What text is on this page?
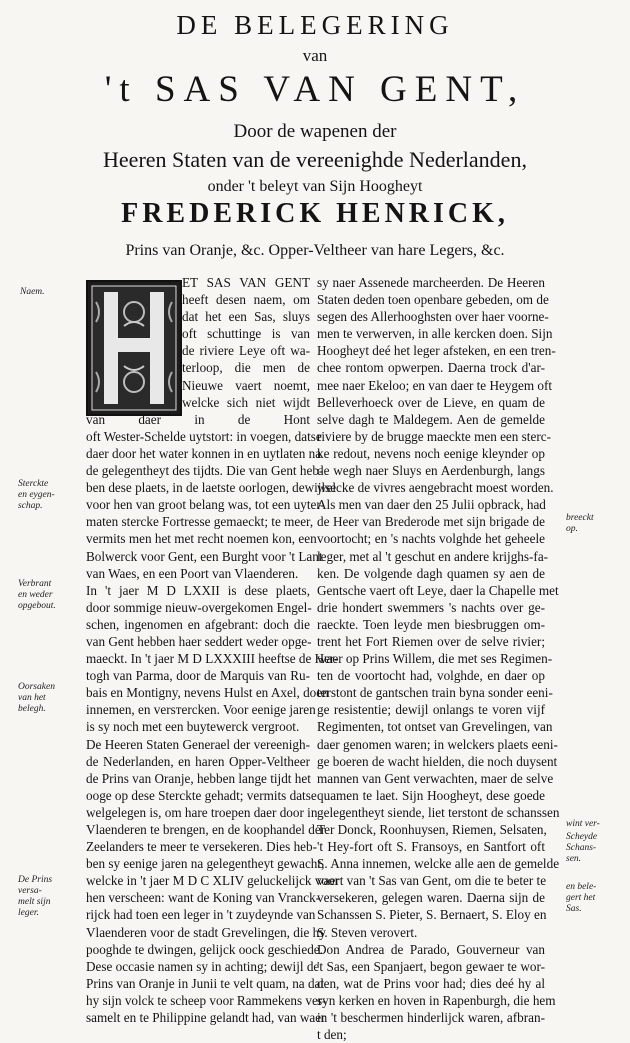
DE BELEGERING
van
't SAS VAN GENT,
Door de wapenen der
Heeren Staten van de vereenighde Nederlanden,
onder 't beleyt van Sijn Hoogheyt
FREDERICK HENRICK,
Prins van Oranje, &c. Opper-Veltheer van hare Legers, &c.
ET SAS VAN GENT
heeft desen naem, om
dat het een Sas, sluys
oft schuttinge is van
de riviere Leye oft wa-
terloop, die men de
Nieuwe vaert noemt,
welcke sich niet wijdt
van daer in de Hont
oft Wester-Schelde uytstort: in voegen, datse
daer door het water konnen in en uytlaten na
de gelegentheyt des tijdts. Die van Gent heb-
ben dese plaets, in de laetste oorlogen, dewijlse
voor hen van groot belang was, tot een uyter-
maten sterckе Fortresse gemaeckt; te meer,
vermits men het met recht noemen kon, een
Bolwerck voor Gent, een Burght voor 't Lant
van Waes, en een Poort van Vlaenderen.
In 't jaer M D LXXII is dese plaets,
door sommige nieuw-overgekomen Engel-
schen, ingenomen en afgebrant: doch die
van Gent hebben haer seddert weder opge-
maeckt. In 't jaer M D LXXXIII heeftse de Her-
togh van Parma, door de Marquis van Ru-
bais en Montigny, nevens Hulst en Axel, doen
innemen, en versтercken. Voor eenige jaren
is sy noch met een buytewerck vergroot.
De Heeren Staten Generael der vereenigh-
de Nederlanden, en haren Opper-Veltheer
de Prins van Oranje, hebben langе tijdt het
ooge op dese Stercktе gehadt; vermits datse
welgelegen is, om hare troepen daer door in
Vlaenderen te brengen, en de koophandel der
Zeelanders te meer te versekeren. Dies heb-
ben sy eenige jaren na gelegentheyt gewacht,
welcke in 't jaer M D C XLIV geluckelijck voor
hen verscheen: want de Koning van Vranck-
rijck had toen een leger in 't zuydeynde van
Vlaenderen voor de stadt Grevelingen, die hy
pooghde te dwingen, gelijck oock geschiede.
Dese occasie namen sy in achting; dewijl de
Prins van Oranje in Junii te velt quam, na dat
hy sijn volck te scheep voor Rammekens ver-
samelt en te Philippine gelandt had, van waer
sy naer Assenede marcheerden. De Heeren
Staten deden toen openbare gebeden, om de
segen des Allerhooghsten over haer voorne-
men te verwerven, in alle kercken doen. Sijn
Hoogheyt deé het leger afsteken, en een tren-
chee rontom opwerpen. Daerna trock d'ar-
mee naer Ekeloo; en van daer te Heygem oft
Belleverhoeck over de Lieve, en quam de
selve dagh te Maldegem. Aen de gemelde
riviere by de brugge maeckte men een sterc-
ke redout, nevens noch eenige kleynder op
de wegh naer Sluys en Aerdenburgh, langs
welcke de vivres aengebracht moest worden.
Als men van daer den 25 Julii opbrack, had
de Heer van Brederode met sijn brigade de
voortocht; en 's nachts volghde het geheele
leger, met al 't geschut en andere krijghs-fa-
ken. De volgende dagh quamen sy aen de
Gentsche vaert oft Leye, daer la Chapelle met
drie hondert swemmers 's nachts over ge-
raeckte. Toen leyde men biesbruggen om-
trent het Fort Riemen over de selve rivier;
waer op Prins Willem, die met ses Regimen-
ten de voortocht had, volghde, en daer op
terstont de gantschen train byna sonder eeni-
ge resistentie; dewijl onlangs te voren vijf
Regimenten, tot ontset van Grevelingen, van
daer genomen waren; in welckers plaets eeni-
ge boeren de wacht hielden, die noch duysent
mannen van Gent verwachten, maer de selve
quamen te laet. Sijn Hoogheyt, dese goede
gelegentheyt siende, liet terstont de schanssen
Ter Donck, Roonhuysen, Riemen, Selsaten,
't Hey-fort oft S. Fransoys, en Santfort oft
S. Anna innemen, welcke alle aen de gemelde
vaert van 't Sas van Gent, om die te beter te
versekeren, gelegen waren. Daerna sijn de
Schanssen S. Pieter, S. Bernaert, S. Eloy en
S. Steven verovert.
Don Andrea de Parado, Gouverneur van
't Sas, een Spanjaert, begon gewaer te wor-
den, wat de Prins voor had; dies deé hy al
syn kerken en hoven in Rapenburgh, die hem
in 't beschermen hinderlijck waren, afbran-
t den;
Naem.
Stercktе
en eygen-
schap.
Verbrant
en weder
opgebout.
Oorsaken
van het
belegh.
De Prins
versa-
melt sijn
leger.
breeckt
op.
wint ver-
Scheyde
Schans-
sen.
en bele-
gert het
Sas.
